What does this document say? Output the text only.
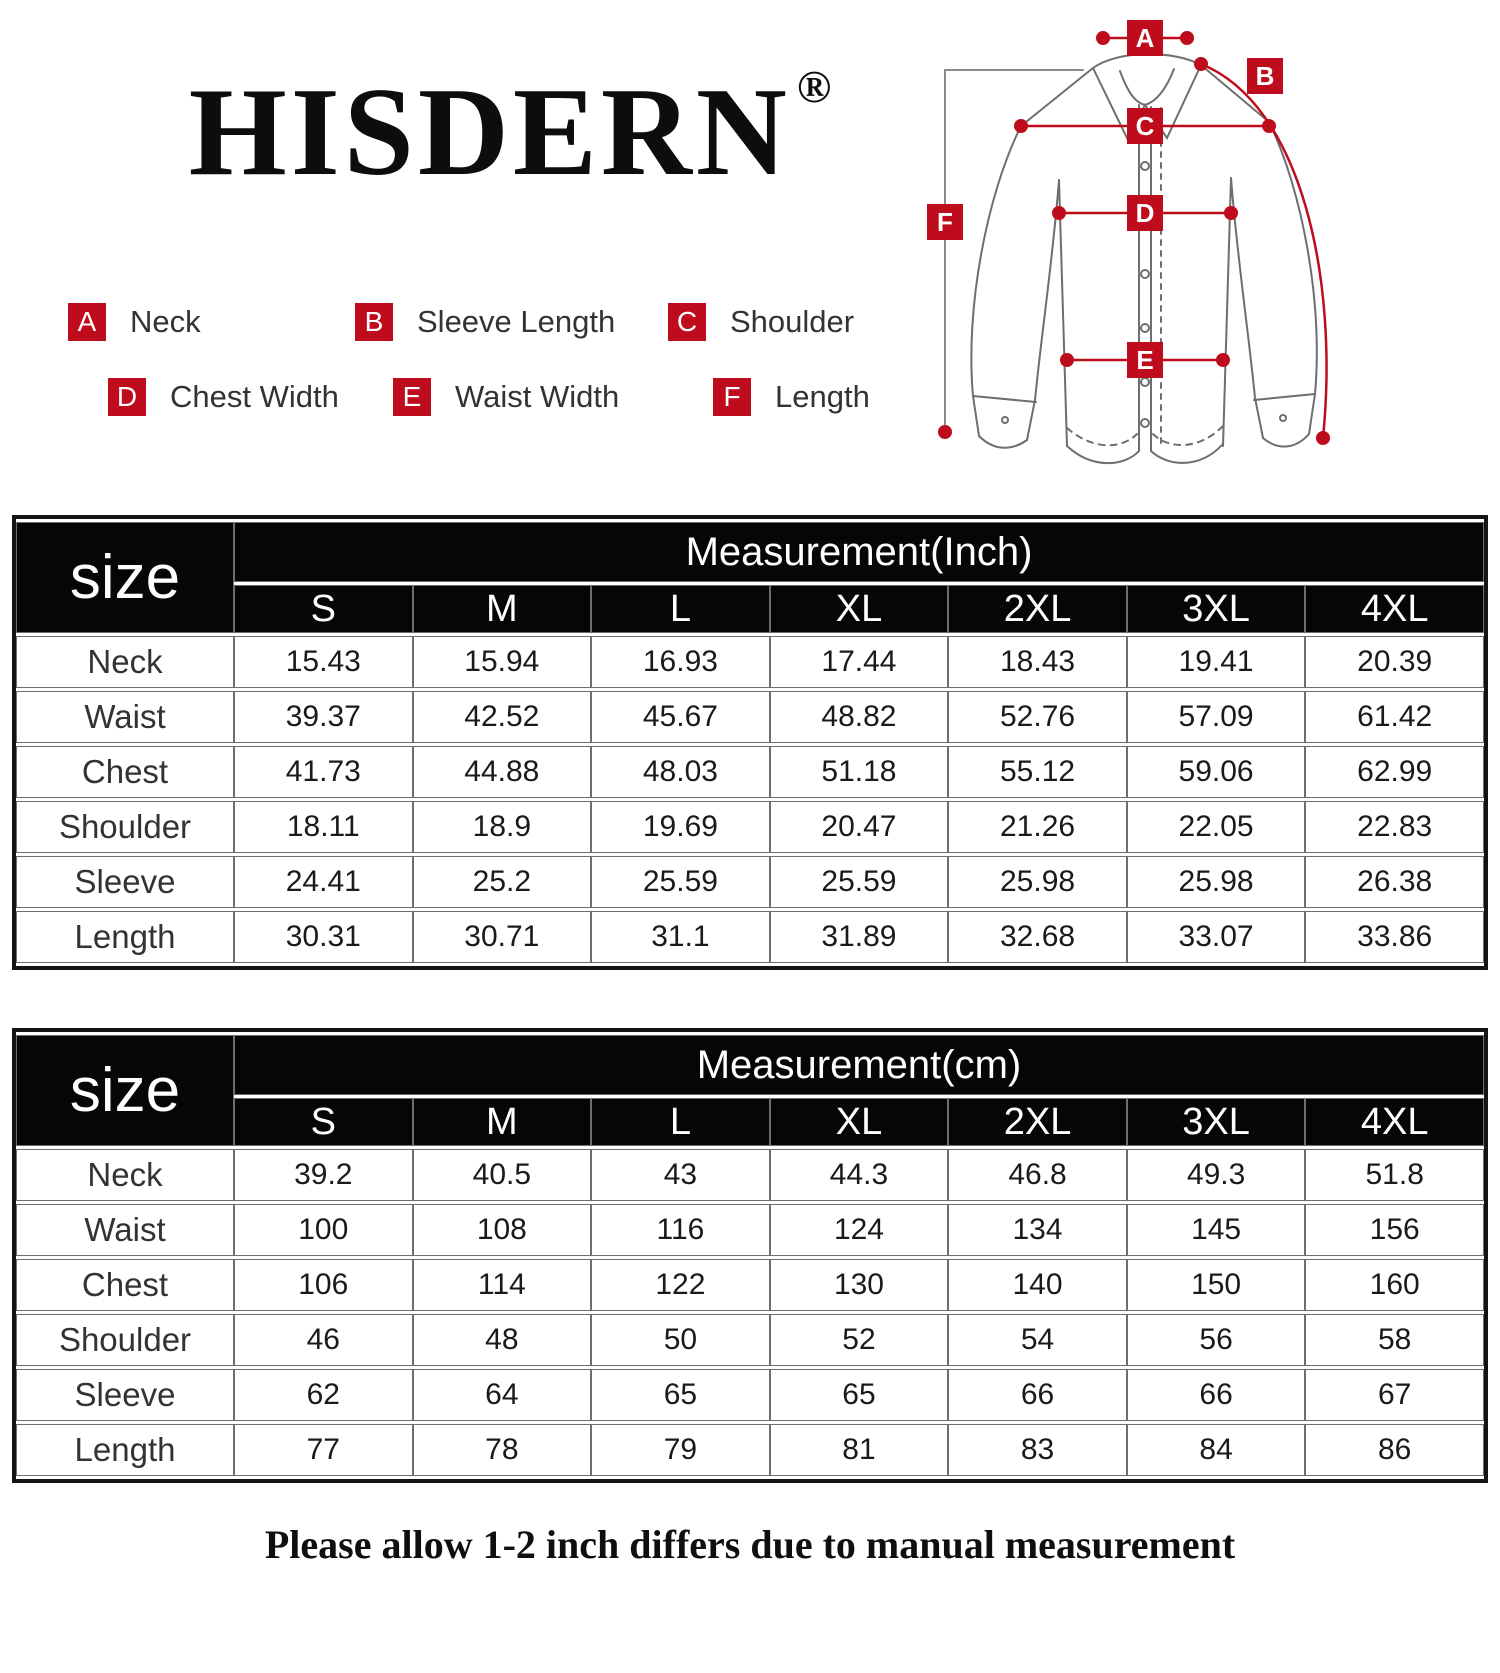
HISDERN ®
A	Neck	B	Sleeve Length	C Shoulder
D Chest Width	E	Waist Width	F	Length
A
B
C
D
E
F
size	Measurement(Inch)						
	S	M	L	XL	2XL	3XL	4XL
Neck	15.43	15.94	16.93	17.44	18.43	19.41	20.39
Waist	39.37	42.52	45.67	48.82	52.76	57.09	61.42
Chest	41.73	44.88	48.03	51.18	55.12	59.06	62.99
Shoulder	18.11	18.9	19.69	20.47	21.26	22.05	22.83
Sleeve	24.41	25.2	25.59	25.59	25.98	25.98	26.38
Length	30.31	30.71	31.1	31.89	32.68	33.07	33.86
size	Measurement(cm)						
	S	M	L	XL	2XL	3XL	4XL
Neck	39.2	40.5	43	44.3	46.8	49.3	51.8
Waist	100	108	116	124	134	145	156
Chest	106	114	122	130	140	150	160
Shoulder	46	48	50	52	54	56	58
Sleeve	62	64	65	65	66	66	67
Length	77	78	79	81	83	84	86
Please allow 1-2 inch differs due to manual measurement
